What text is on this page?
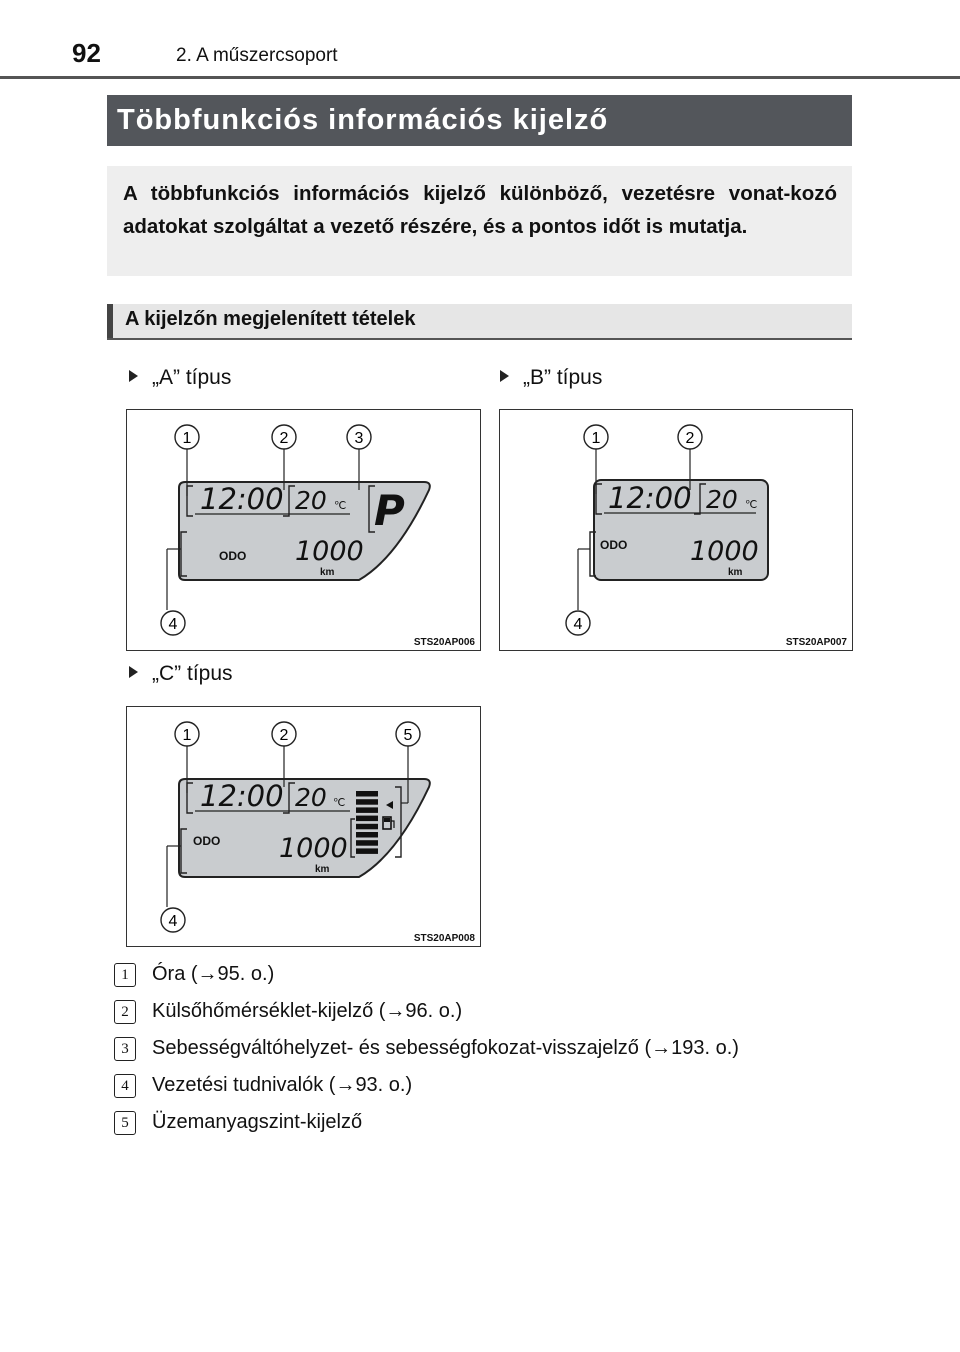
92	2. A műszercsoport
Többfunkciós információs kijelző

A többfunkciós információs kijelző különböző, vezetésre vonat-kozó adatokat szolgáltat a vezető részére, és a pontos időt is mutatja.

A kijelzőn megjelenített tételek
„A” típus
12:00 20 ℃ P
ODO 1000
km
1	2	3
4
STS20AP006
„B” típus
12:00 20 ℃
ODO 1000
km
1	2
4
STS20AP007
„C” típus
12:00 20 ℃
ODO 1000
km
1	2	5
4
STS20AP008
1 Óra (→95. o.)
2 Külsőhőmérséklet-kijelző (→96. o.)
3 Sebességváltóhelyzet- és sebességfokozat-visszajelző (→193. o.)
4 Vezetési tudnivalók (→93. o.)
5 Üzemanyagszint-kijelző
